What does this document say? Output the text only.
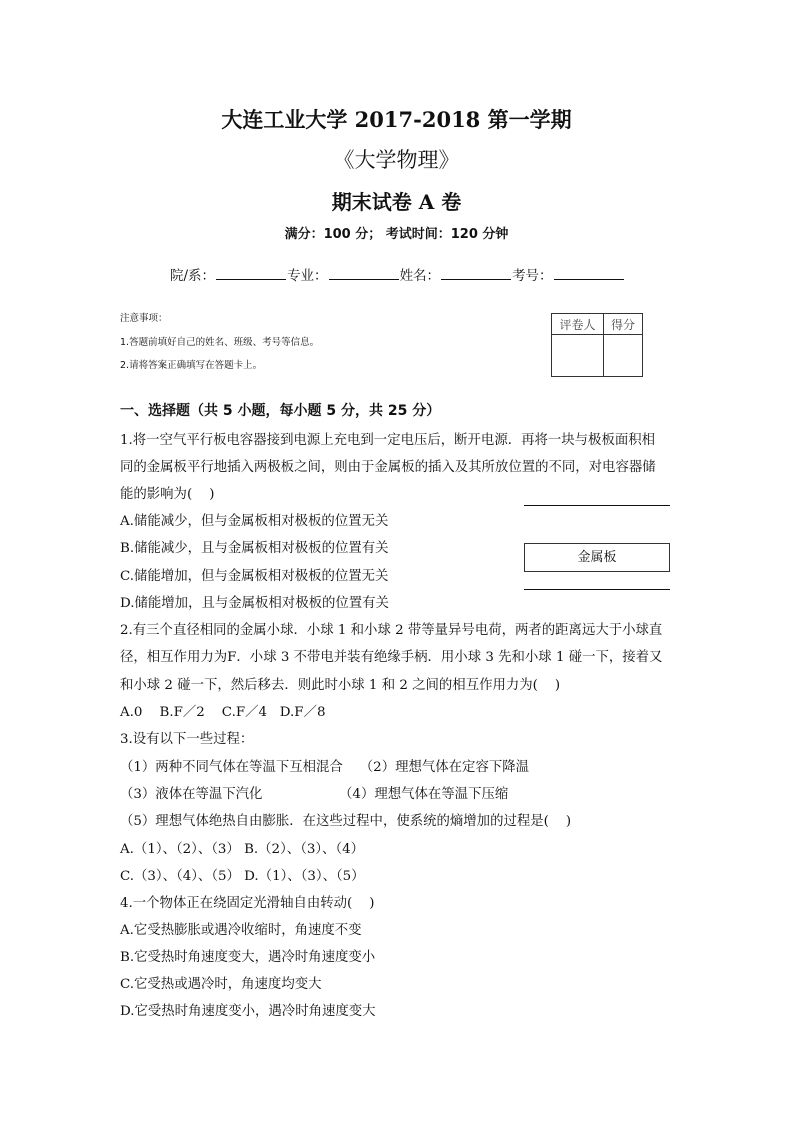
大连工业大学 2017-2018 第一学期
《大学物理》
期末试卷 A 卷
满分：100 分； 考试时间：120 分钟
院/系：	专业：	姓名：	考号：
注意事项：
1.答题前填好自己的姓名、班级、考号等信息。
2.请将答案正确填写在答题卡上。
评卷人	得分

一、选择题（共 5 小题，每小题 5 分，共 25 分）
金属板
1.将一空气平行板电容器接到电源上充电到一定电压后，断开电源．再将一块与极板面积相
同的金属板平行地插入两极板之间，则由于金属板的插入及其所放位置的不同，对电容器储
能的影响为(    )
A.储能减少，但与金属板相对极板的位置无关
B.储能减少，且与金属板相对极板的位置有关
C.储能增加，但与金属板相对极板的位置无关
D.储能增加，且与金属板相对极板的位置有关
2.有三个直径相同的金属小球．小球 1 和小球 2 带等量异号电荷，两者的距离远大于小球直
径，相互作用力为F．小球 3 不带电并装有绝缘手柄．用小球 3 先和小球 1 碰一下，接着又
和小球 2 碰一下，然后移去．则此时小球 1 和 2 之间的相互作用力为(    )
A.0    B.F／2    C.F／4   D.F／8
3.设有以下一些过程：
（1）两种不同气体在等温下互相混合    （2）理想气体在定容下降温
（3）液体在等温下汽化                  （4）理想气体在等温下压缩
（5）理想气体绝热自由膨胀．在这些过程中，使系统的熵增加的过程是(    )
A.（1）、（2）、（3） B.（2）、（3）、（4）
C.（3）、（4）、（5） D.（1）、（3）、（5）
4.一个物体正在绕固定光滑轴自由转动(    )
A.它受热膨胀或遇冷收缩时，角速度不变
B.它受热时角速度变大，遇冷时角速度变小
C.它受热或遇冷时，角速度均变大
D.它受热时角速度变小，遇冷时角速度变大
